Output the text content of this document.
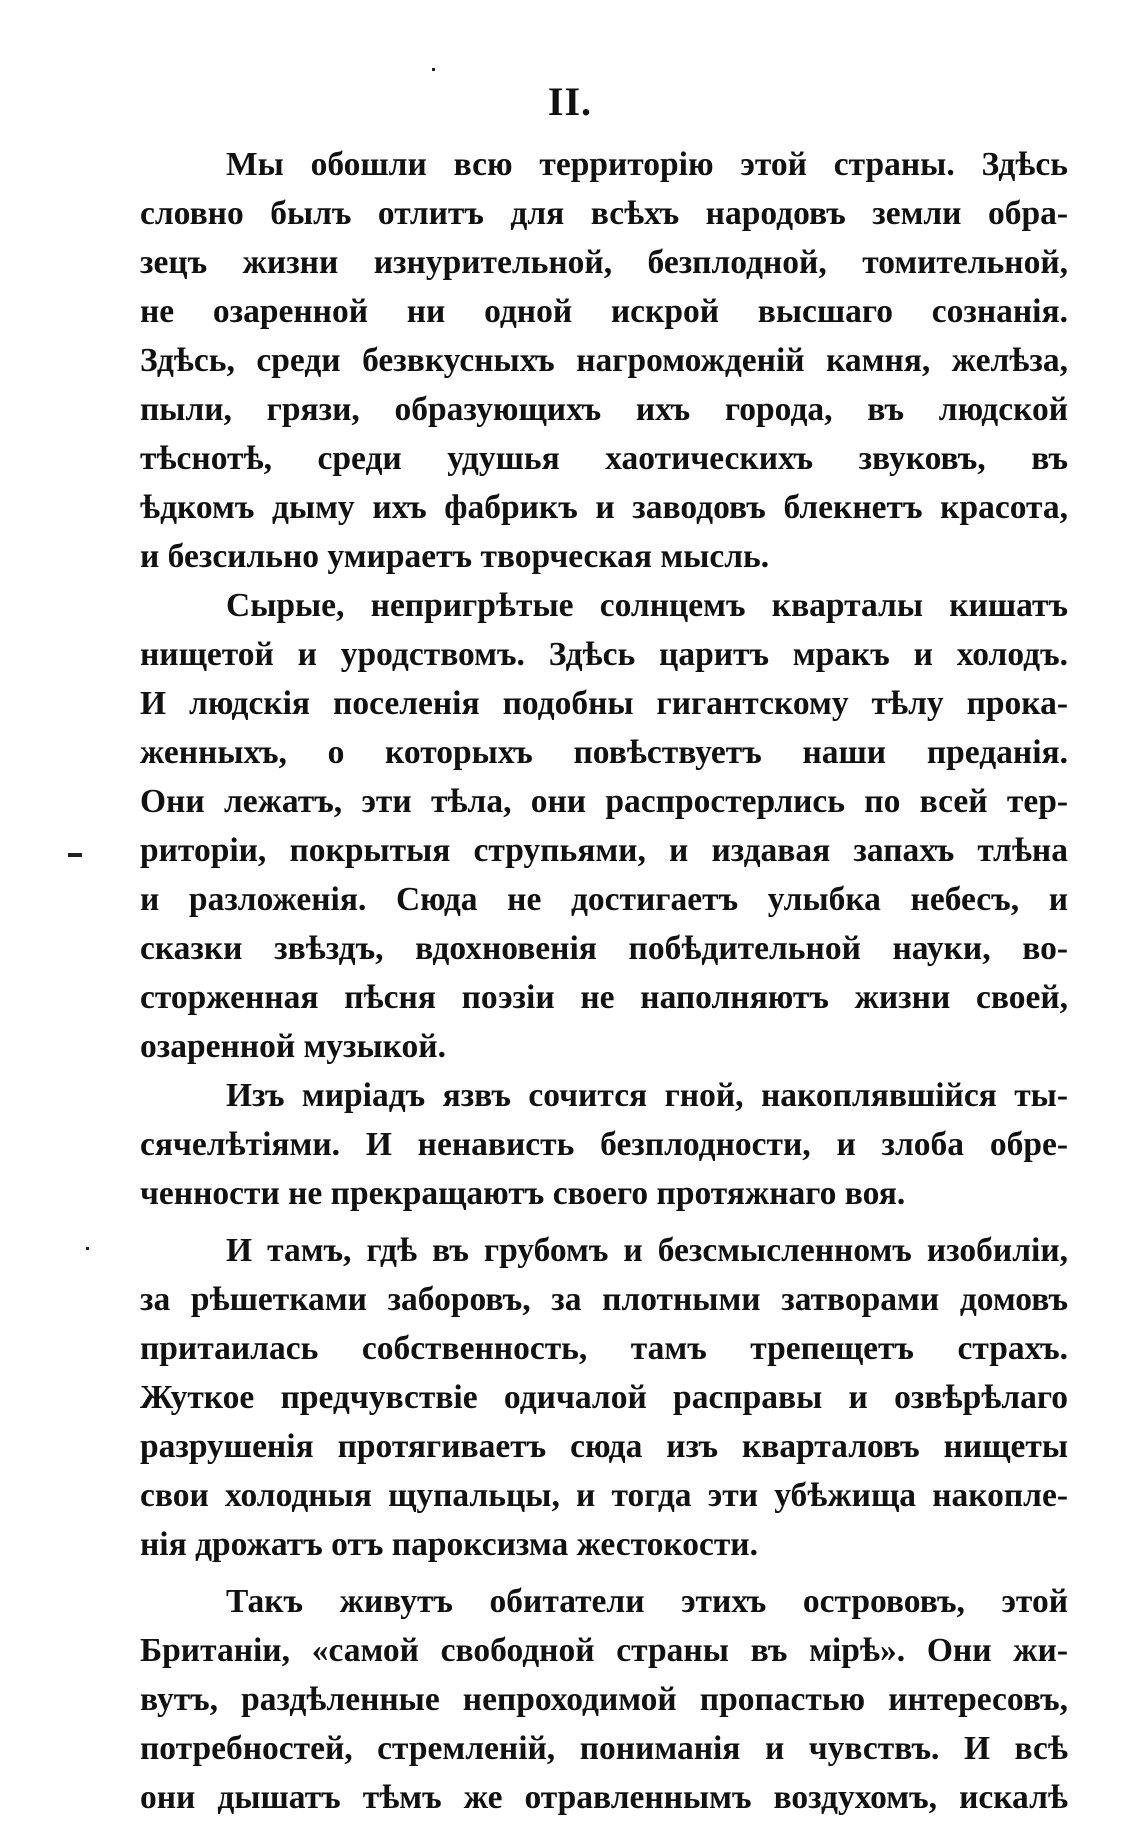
II.
Мы обошли всю территорію этой страны. Здѣсь
словно былъ отлитъ для всѣхъ народовъ земли обра-
зецъ жизни изнурительной, безплодной, томительной,
не озаренной ни одной искрой высшаго сознанія.
Здѣсь, среди безвкусныхъ нагроможденій камня, желѣза,
пыли, грязи, образующихъ ихъ города, въ людской
тѣснотѣ, среди удушья хаотическихъ звуковъ, въ
ѣдкомъ дыму ихъ фабрикъ и заводовъ блекнетъ красота,
и безсильно умираетъ творческая мысль.
Сырые, непригрѣтые солнцемъ кварталы кишатъ
нищетой и уродствомъ. Здѣсь царитъ мракъ и холодъ.
И людскія поселенія подобны гигантскому тѣлу прока-
женныхъ, о которыхъ повѣствуетъ наши преданія.
Они лежатъ, эти тѣла, они распростерлись по всей тер-
риторіи, покрытыя струпьями, и издавая запахъ тлѣна
и разложенія. Сюда не достигаетъ улыбка небесъ, и
сказки звѣздъ, вдохновенія побѣдительной науки, во-
сторженная пѣсня поэзіи не наполняютъ жизни своей,
озаренной музыкой.
Изъ миріадъ язвъ сочится гной, накоплявшійся ты-
сячелѣтіями. И ненависть безплодности, и злоба обре-
ченности не прекращаютъ своего протяжнаго воя.
И тамъ, гдѣ въ грубомъ и безсмысленномъ изобиліи,
за рѣшетками заборовъ, за плотными затворами домовъ
притаилась собственность, тамъ трепещетъ страхъ.
Жуткое предчувствіе одичалой расправы и озвѣрѣлаго
разрушенія протягиваетъ сюда изъ кварталовъ нищеты
свои холодныя щупальцы, и тогда эти убѣжища накопле-
нія дрожатъ отъ пароксизма жестокости.
Такъ живутъ обитатели этихъ острововъ, этой
Британіи, «самой свободной страны въ мірѣ». Они жи-
вутъ, раздѣленные непроходимой пропастью интересовъ,
потребностей, стремленій, пониманія и чувствъ. И всѣ
они дышатъ тѣмъ же отравленнымъ воздухомъ, искалѣ
